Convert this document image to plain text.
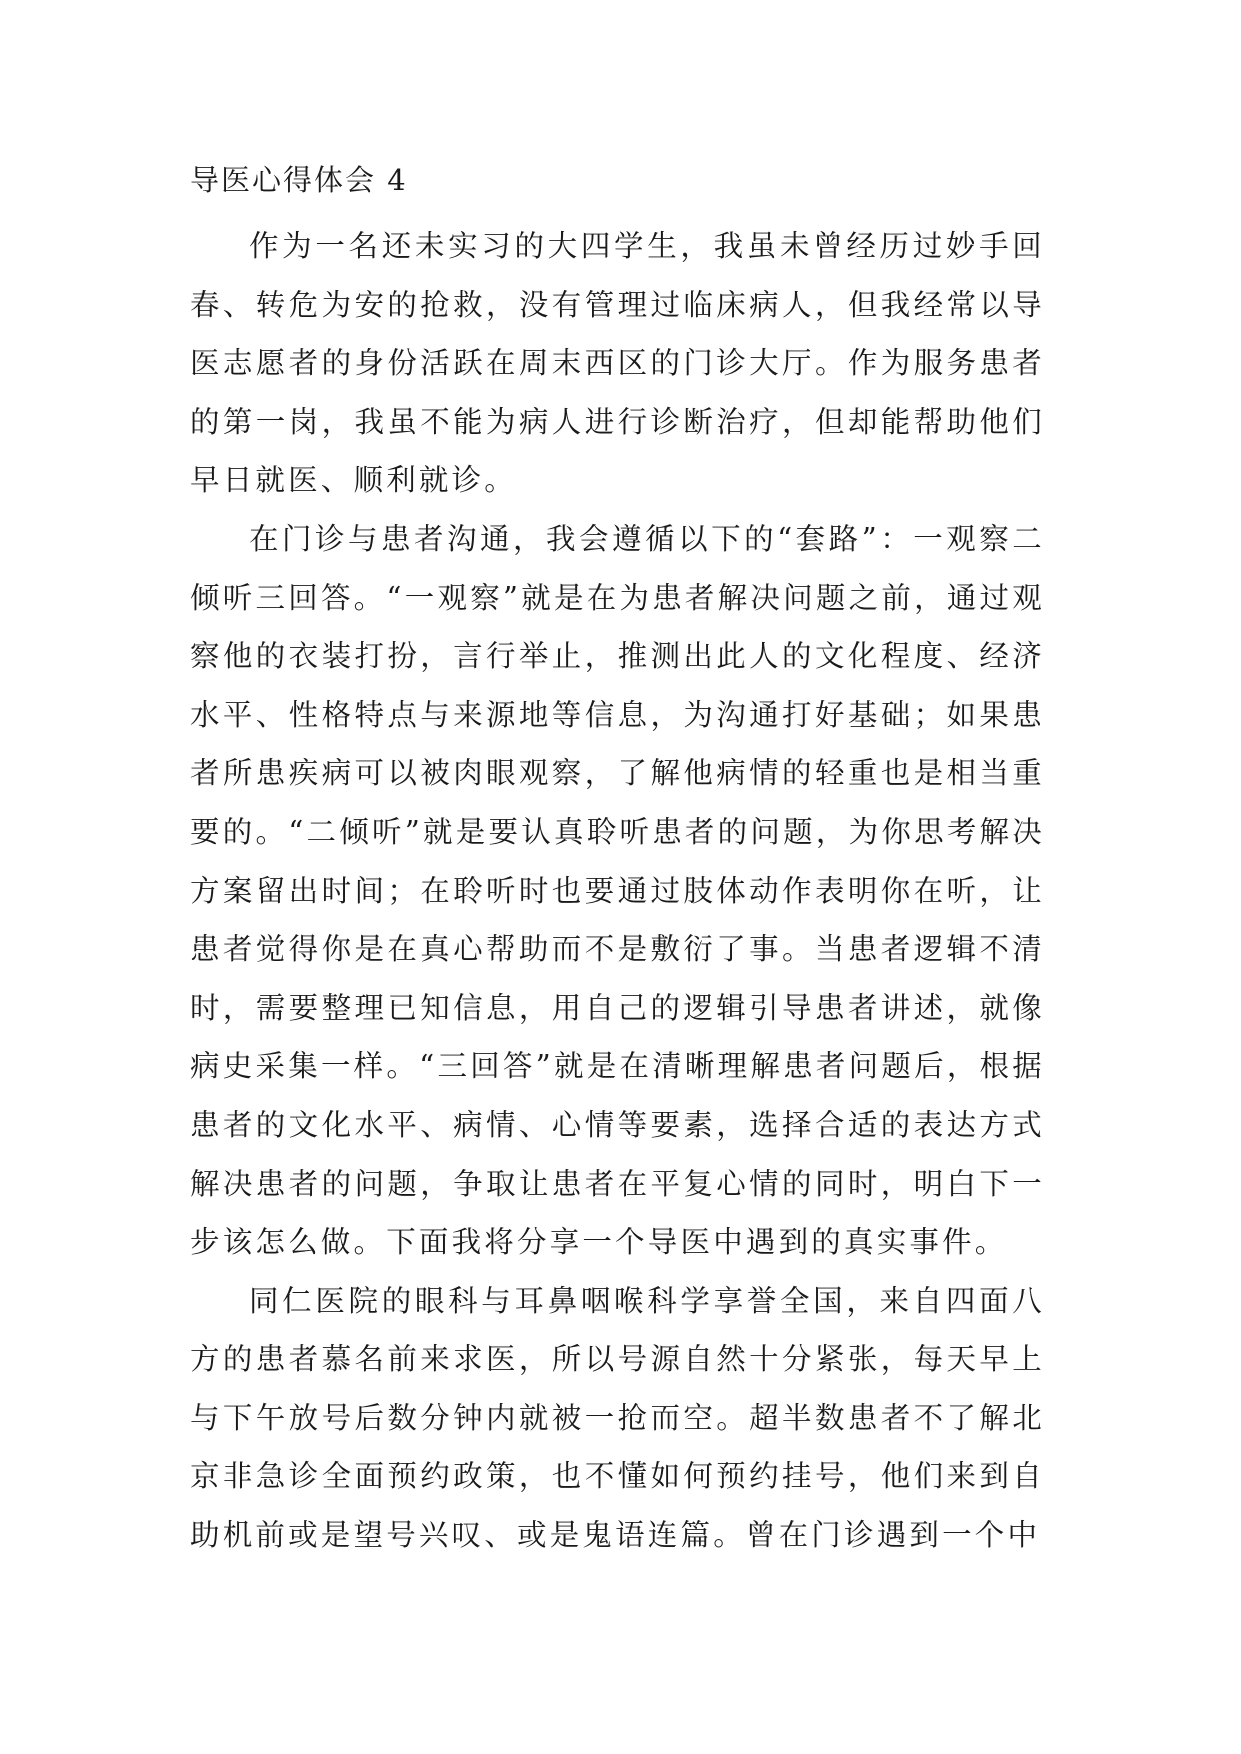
导医心得体会 4

作为一名还未实习的大四学生，我虽未曾经历过妙手回春、转危为安的抢救，没有管理过临床病人，但我经常以导医志愿者的身份活跃在周末西区的门诊大厅。作为服务患者的第一岗，我虽不能为病人进行诊断治疗，但却能帮助他们早日就医、顺利就诊。

在门诊与患者沟通，我会遵循以下的“套路”：一观察二倾听三回答。“一观察”就是在为患者解决问题之前，通过观察他的衣装打扮，言行举止，推测出此人的文化程度、经济水平、性格特点与来源地等信息，为沟通打好基础；如果患者所患疾病可以被肉眼观察，了解他病情的轻重也是相当重要的。“二倾听”就是要认真聆听患者的问题，为你思考解决方案留出时间；在聆听时也要通过肢体动作表明你在听，让患者觉得你是在真心帮助而不是敷衍了事。当患者逻辑不清时，需要整理已知信息，用自己的逻辑引导患者讲述，就像病史采集一样。“三回答”就是在清晰理解患者问题后，根据患者的文化水平、病情、心情等要素，选择合适的表达方式解决患者的问题，争取让患者在平复心情的同时，明白下一步该怎么做。下面我将分享一个导医中遇到的真实事件。

同仁医院的眼科与耳鼻咽喉科学享誉全国，来自四面八方的患者慕名前来求医，所以号源自然十分紧张，每天早上与下午放号后数分钟内就被一抢而空。超半数患者不了解北京非急诊全面预约政策，也不懂如何预约挂号，他们来到自助机前或是望号兴叹、或是鬼语连篇。曾在门诊遇到一个中
